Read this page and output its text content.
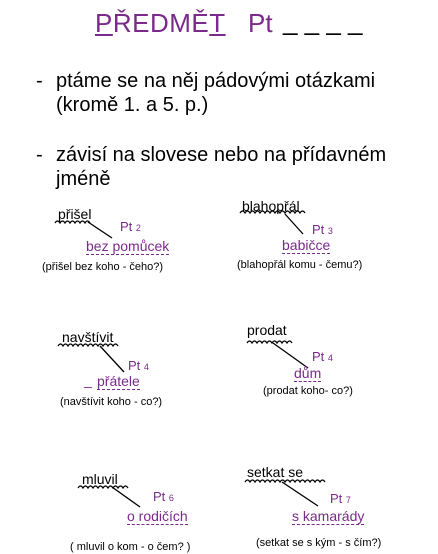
PŘEDMĚT Pt _ _ _ _
- ptáme se na něj pádovými otázkami
(kromě 1. a 5. p.)
- závisí na slovese nebo na přídavném
jméně
přišel
Pt 2
bez pomůcek
(přišel bez koho - čeho?)
blahopřál
Pt 3
babičce
(blahopřál komu - čemu?)
navštívit
Pt 4
_ přátele
(navštívit koho - co?)
prodat
Pt 4
dům
(prodat koho- co?)
mluvil
Pt 6
o rodičích
( mluvil o kom - o čem? )
setkat se
Pt 7
s kamarády
(setkat se s kým - s čím?)
